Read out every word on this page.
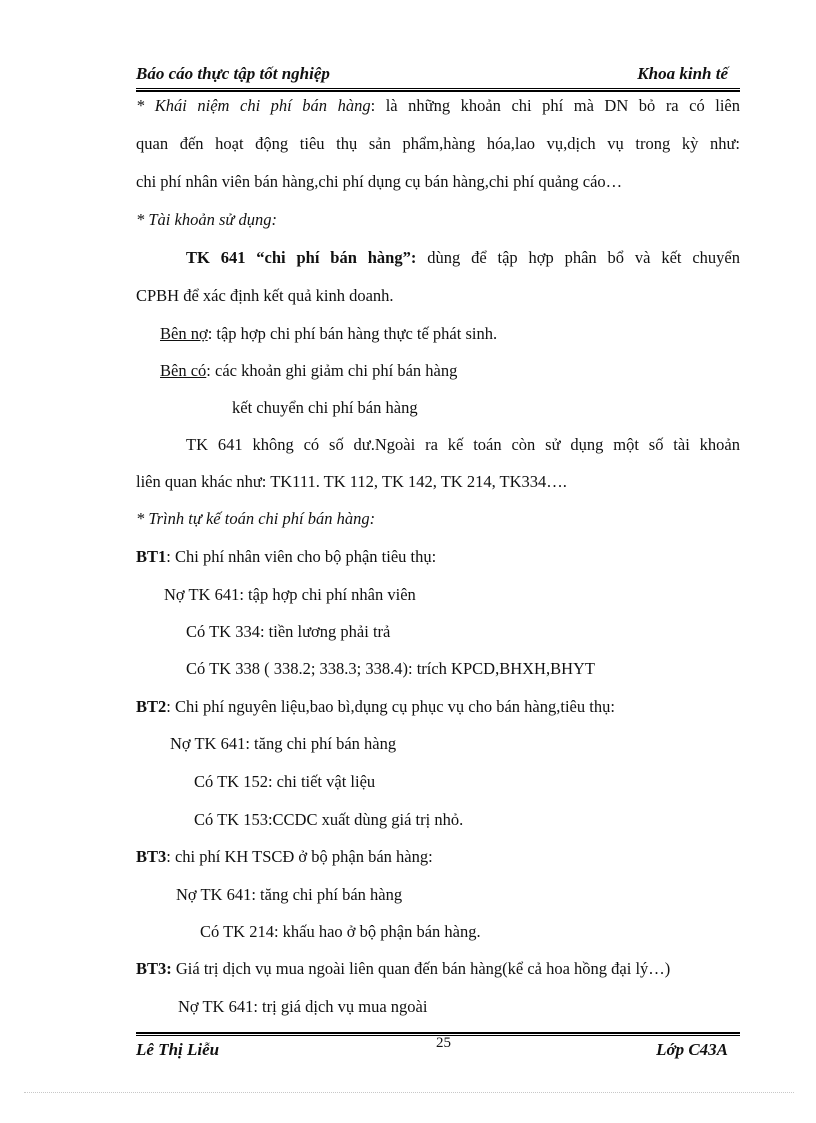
Báo cáo thực tập tốt nghiệp	Khoa kinh tế
* Khái niệm chi phí bán hàng: là những khoản chi phí mà DN bỏ ra có liên
quan đến hoạt động tiêu thụ sản phẩm,hàng hóa,lao vụ,dịch vụ trong kỳ như:
chi phí nhân viên bán hàng,chi phí dụng cụ bán hàng,chi phí quảng cáo…
* Tài khoản sử dụng:
TK 641 “chi phí bán hàng”: dùng để tập hợp phân bổ và kết chuyển
CPBH để xác định kết quả kinh doanh.
Bên nợ: tập hợp chi phí bán hàng thực tế phát sinh.
Bên có: các khoản ghi giảm chi phí bán hàng
kết chuyển chi phí bán hàng
TK 641 không có số dư.Ngoài ra kế toán còn sử dụng một số tài khoản
liên quan khác như: TK111. TK 112, TK 142, TK 214, TK334….
* Trình tự kế toán chi phí bán hàng:
BT1: Chi phí nhân viên cho bộ phận tiêu thụ:
Nợ TK 641: tập hợp chi phí nhân viên
Có TK 334: tiền lương phải trả
Có TK 338 ( 338.2; 338.3; 338.4): trích KPCD,BHXH,BHYT
BT2: Chi phí nguyên liệu,bao bì,dụng cụ phục vụ cho bán hàng,tiêu thụ:
Nợ TK 641: tăng chi phí bán hàng
Có TK 152: chi tiết vật liệu
Có TK 153:CCDC xuất dùng giá trị nhỏ.
BT3: chi phí KH TSCĐ ở bộ phận bán hàng:
Nợ TK 641: tăng chi phí bán hàng
Có TK 214: khấu hao ở bộ phận bán hàng.
BT3: Giá trị dịch vụ mua ngoài liên quan đến bán hàng(kể cả hoa hồng đại lý…)
Nợ TK 641: trị giá dịch vụ mua ngoài
Lê Thị Liễu	25	Lớp C43A
